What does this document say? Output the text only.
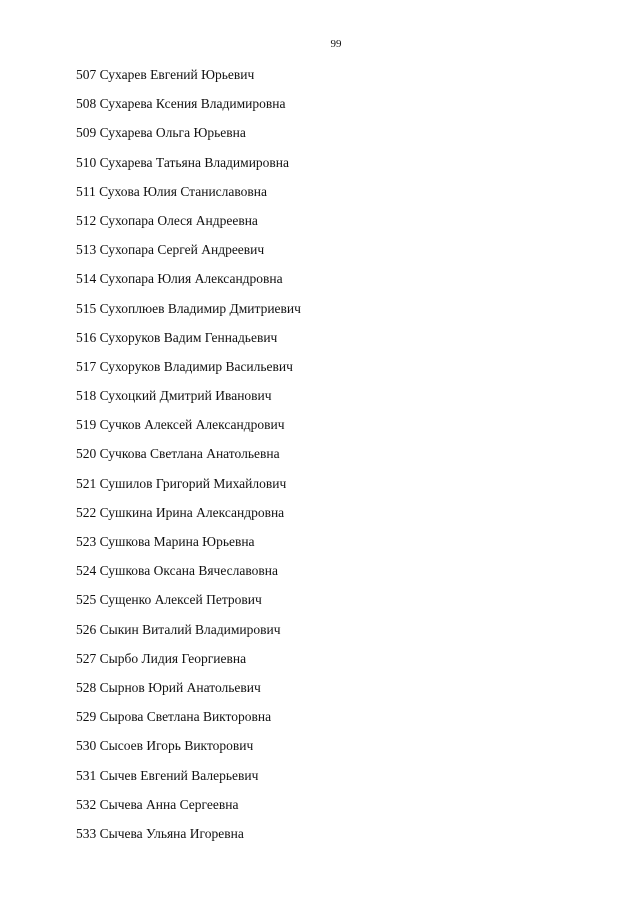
99
507 Сухарев Евгений Юрьевич
508 Сухарева Ксения Владимировна
509 Сухарева Ольга Юрьевна
510 Сухарева Татьяна Владимировна
511 Сухова Юлия Станиславовна
512 Сухопара Олеся Андреевна
513 Сухопара Сергей Андреевич
514 Сухопара Юлия Александровна
515 Сухоплюев Владимир Дмитриевич
516 Сухоруков Вадим Геннадьевич
517 Сухоруков Владимир Васильевич
518 Сухоцкий Дмитрий Иванович
519 Сучков Алексей Александрович
520 Сучкова Светлана Анатольевна
521 Сушилов Григорий Михайлович
522 Сушкина Ирина Александровна
523 Сушкова Марина Юрьевна
524 Сушкова Оксана Вячеславовна
525 Сущенко Алексей Петрович
526 Сыкин Виталий Владимирович
527 Сырбо Лидия Георгиевна
528 Сырнов Юрий Анатольевич
529 Сырова Светлана Викторовна
530 Сысоев Игорь Викторович
531 Сычев Евгений Валерьевич
532 Сычева Анна Сергеевна
533 Сычева Ульяна Игоревна
